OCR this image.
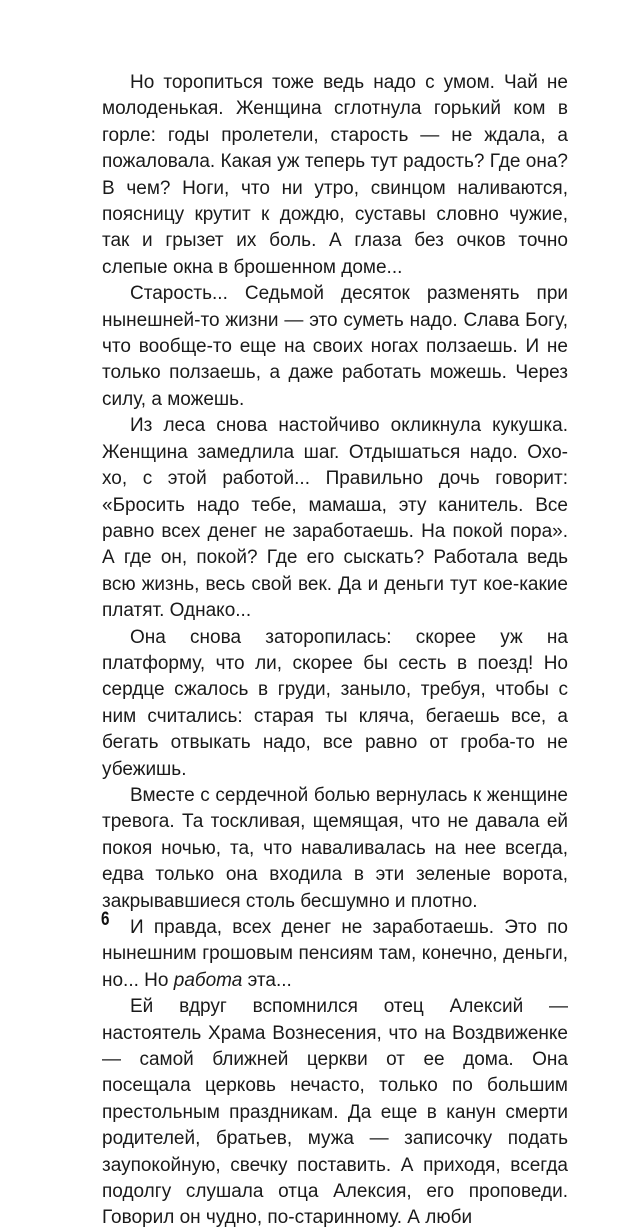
Но торопиться тоже ведь надо с умом. Чай не молоденькая. Женщина сглотнула горький ком в горле: годы пролетели, старость — не ждала, а пожаловала. Какая уж теперь тут радость? Где она? В чем? Ноги, что ни утро, свинцом наливаются, поясницу крутит к дождю, суставы словно чужие, так и грызет их боль. А глаза без очков точно слепые окна в брошенном доме...

Старость... Седьмой десяток разменять при нынешней-то жизни — это суметь надо. Слава Богу, что вообще-то еще на своих ногах ползаешь. И не только ползаешь, а даже работать можешь. Через силу, а можешь.

Из леса снова настойчиво окликнула кукушка. Женщина замедлила шаг. Отдышаться надо. Охо-хо, с этой работой... Правильно дочь говорит: «Бросить надо тебе, мамаша, эту канитель. Все равно всех денег не заработаешь. На покой пора». А где он, покой? Где его сыскать? Работала ведь всю жизнь, весь свой век. Да и деньги тут кое-какие платят. Однако...

Она снова заторопилась: скорее уж на платформу, что ли, скорее бы сесть в поезд! Но сердце сжалось в груди, заныло, требуя, чтобы с ним считались: старая ты кляча, бегаешь все, а бегать отвыкать надо, все равно от гроба-то не убежишь.

Вместе с сердечной болью вернулась к женщине тревога. Та тоскливая, щемящая, что не давала ей покоя ночью, та, что наваливалась на нее всегда, едва только она входила в эти зеленые ворота, закрывавшиеся столь бесшумно и плотно.

И правда, всех денег не заработаешь. Это по нынешним грошовым пенсиям там, конечно, деньги, но... Но работа эта...

Ей вдруг вспомнился отец Алексий — настоятель Храма Вознесения, что на Воздвиженке — самой ближней церкви от ее дома. Она посещала церковь нечасто, только по большим престольным праздникам. Да еще в канун смерти родителей, братьев, мужа — записочку подать заупокойную, свечку поставить. А приходя, всегда подолгу слушала отца Алексия, его проповеди. Говорил он чудно, по-старинному. А люби

6
